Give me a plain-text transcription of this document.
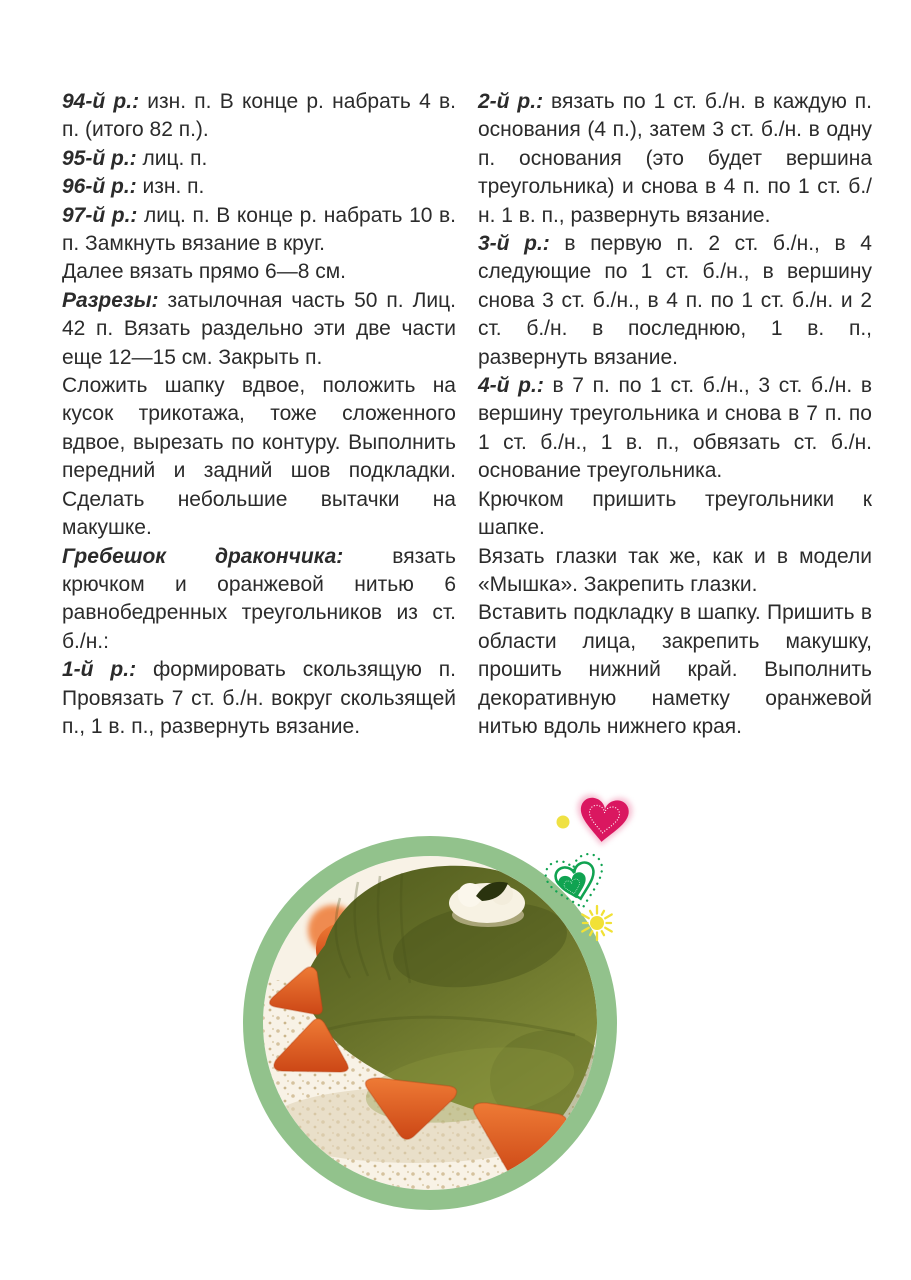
94-й р.: изн. п. В конце р. набрать 4 в. п. (итого 82 п.).

95-й р.: лиц. п.

96-й р.: изн. п.

97-й р.: лиц. п. В конце р. набрать 10 в. п. Замкнуть вязание в круг.

Далее вязать прямо 6—8 см.

Разрезы: затылочная часть 50 п. Лиц. 42 п. Вязать раздельно эти две части еще 12—15 см. Закрыть п.

Сложить шапку вдвое, положить на кусок трикотажа, тоже сложенного вдвое, вырезать по контуру. Выполнить передний и задний шов подкладки. Сделать небольшие вытачки на макушке.

Гребешок дракончика: вязать крючком и оранжевой нитью 6 равнобедренных треугольников из ст. б./н.:

1-й р.: формировать скользящую п. Провязать 7 ст. б./н. вокруг скользящей п., 1 в. п., развернуть вязание.

2-й р.: вязать по 1 ст. б./н. в каждую п. основания (4 п.), затем 3 ст. б./н. в одну п. основания (это будет вершина треугольника) и снова в 4 п. по 1 ст. б./н. 1 в. п., развернуть вязание.

3-й р.: в первую п. 2 ст. б./н., в 4 следующие по 1 ст. б./н., в вершину снова 3 ст. б./н., в 4 п. по 1 ст. б./н. и 2 ст. б./н. в последнюю, 1 в. п., развернуть вязание.

4-й р.: в 7 п. по 1 ст. б./н., 3 ст. б./н. в вершину треугольника и снова в 7 п. по 1 ст. б./н., 1 в. п., обвязать ст. б./н. основание треугольника.

Крючком пришить треугольники к шапке.

Вязать глазки так же, как и в модели «Мышка». Закрепить глазки.

Вставить подкладку в шапку. Пришить в области лица, закрепить макушку, прошить нижний край. Выполнить декоративную наметку оранжевой нитью вдоль нижнего края.
